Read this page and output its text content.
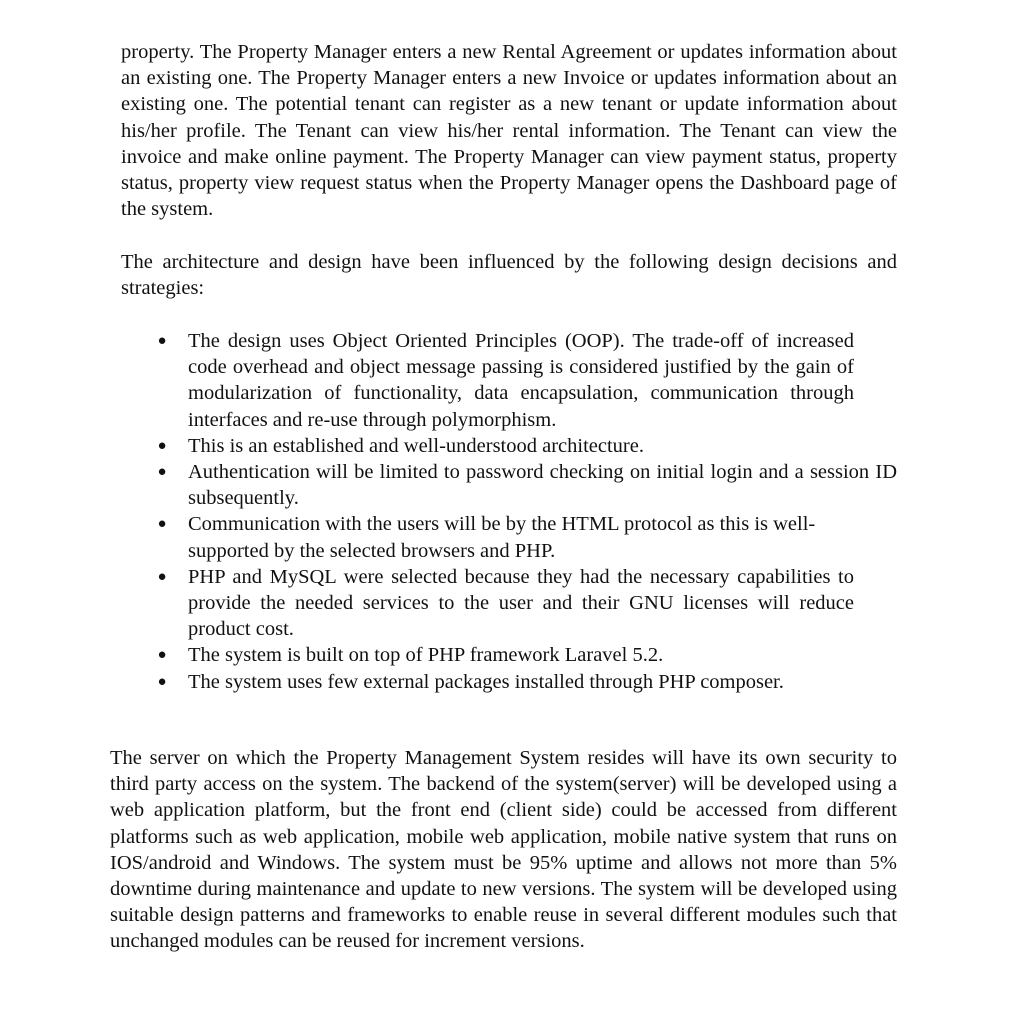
property. The Property Manager enters a new Rental Agreement or updates information about an existing one. The Property Manager enters a new Invoice or updates information about an existing one. The potential tenant can register as a new tenant or update information about his/her profile. The Tenant can view his/her rental information. The Tenant can view the invoice and make online payment. The Property Manager can view payment status, property status, property view request status when the Property Manager opens the Dashboard page of the system.

The architecture and design have been influenced by the following design decisions and strategies:

● The design uses Object Oriented Principles (OOP). The trade-off of increased code overhead and object message passing is considered justified by the gain of modularization of functionality, data encapsulation, communication through interfaces and re-use through polymorphism.
● This is an established and well-understood architecture.
● Authentication will be limited to password checking on initial login and a session ID subsequently.
● Communication with the users will be by the HTML protocol as this is well-supported by the selected browsers and PHP.
● PHP and MySQL were selected because they had the necessary capabilities to provide the needed services to the user and their GNU licenses will reduce product cost.
● The system is built on top of PHP framework Laravel 5.2.
● The system uses few external packages installed through PHP composer.

The server on which the Property Management System resides will have its own security to third party access on the system. The backend of the system(server) will be developed using a web application platform, but the front end (client side) could be accessed from different platforms such as web application, mobile web application, mobile native system that runs on IOS/android and Windows. The system must be 95% uptime and allows not more than 5% downtime during maintenance and update to new versions. The system will be developed using suitable design patterns and frameworks to enable reuse in several different modules such that unchanged modules can be reused for increment versions.
